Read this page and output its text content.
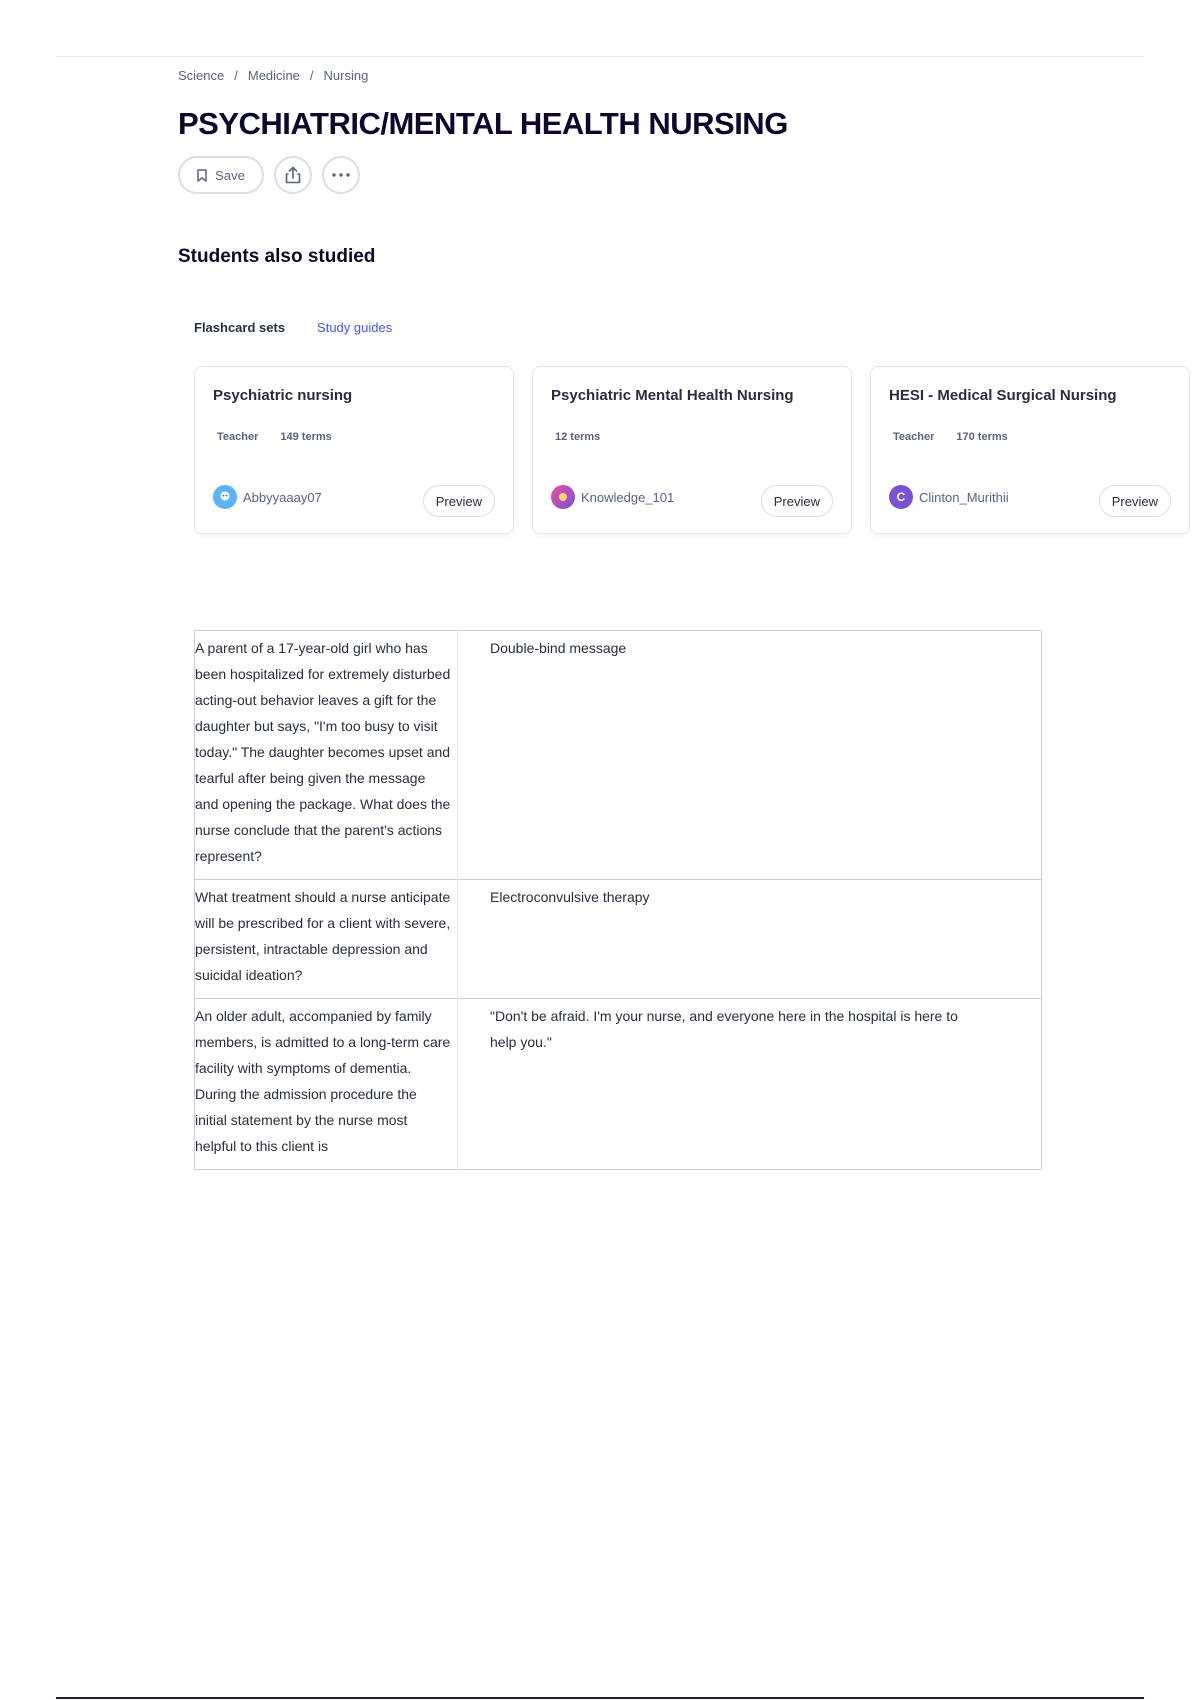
Science / Medicine / Nursing
PSYCHIATRIC/MENTAL HEALTH NURSING
Save
Students also studied
Flashcard sets Study guides
Psychiatric nursing
Teacher 149 terms
Abbyyaaay07	Preview
Psychiatric Mental Health Nursing
12 terms
Knowledge_101	Preview
HESI - Medical Surgical Nursing
Teacher 170 terms
C	Clinton_Murithii	Preview
A parent of a 17-year-old girl who has been hospitalized for extremely disturbed acting-out behavior leaves a gift for the daughter but says, "I'm too busy to visit today." The daughter becomes upset and tearful after being given the message and opening the package. What does the nurse conclude that the parent's actions represent?	Double-bind message
What treatment should a nurse anticipate will be prescribed for a client with severe, persistent, intractable depression and suicidal ideation?	Electroconvulsive therapy
An older adult, accompanied by family members, is admitted to a long-term care facility with symptoms of dementia. During the admission procedure the initial statement by the nurse most helpful to this client is	"Don't be afraid. I'm your nurse, and everyone here in the hospital is here to help you."
